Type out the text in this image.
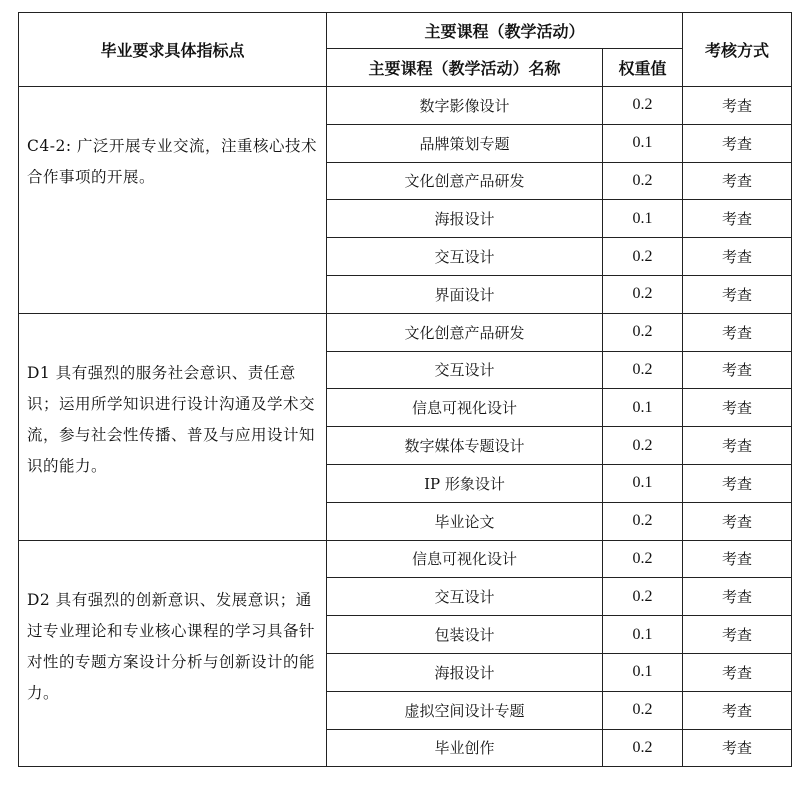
毕业要求具体指标点	主要课程（教学活动）		考核方式
	主要课程（教学活动）名称	权重值	
C4-2: 广泛开展专业交流，注重核心技术合作事项的开展。	数字影像设计	0.2	考查
	品牌策划专题	0.1	考查
	文化创意产品研发	0.2	考查
	海报设计	0.1	考查
	交互设计	0.2	考查
	界面设计	0.2	考查
D1 具有强烈的服务社会意识、责任意识；运用所学知识进行设计沟通及学术交流，参与社会性传播、普及与应用设计知识的能力。	文化创意产品研发	0.2	考查
	交互设计	0.2	考查
	信息可视化设计	0.1	考查
	数字媒体专题设计	0.2	考查
	IP 形象设计	0.1	考查
	毕业论文	0.2	考查
D2 具有强烈的创新意识、发展意识；通过专业理论和专业核心课程的学习具备针对性的专题方案设计分析与创新设计的能力。	信息可视化设计	0.2	考查
	交互设计	0.2	考查
	包装设计	0.1	考查
	海报设计	0.1	考查
	虚拟空间设计专题	0.2	考查
	毕业创作	0.2	考查
